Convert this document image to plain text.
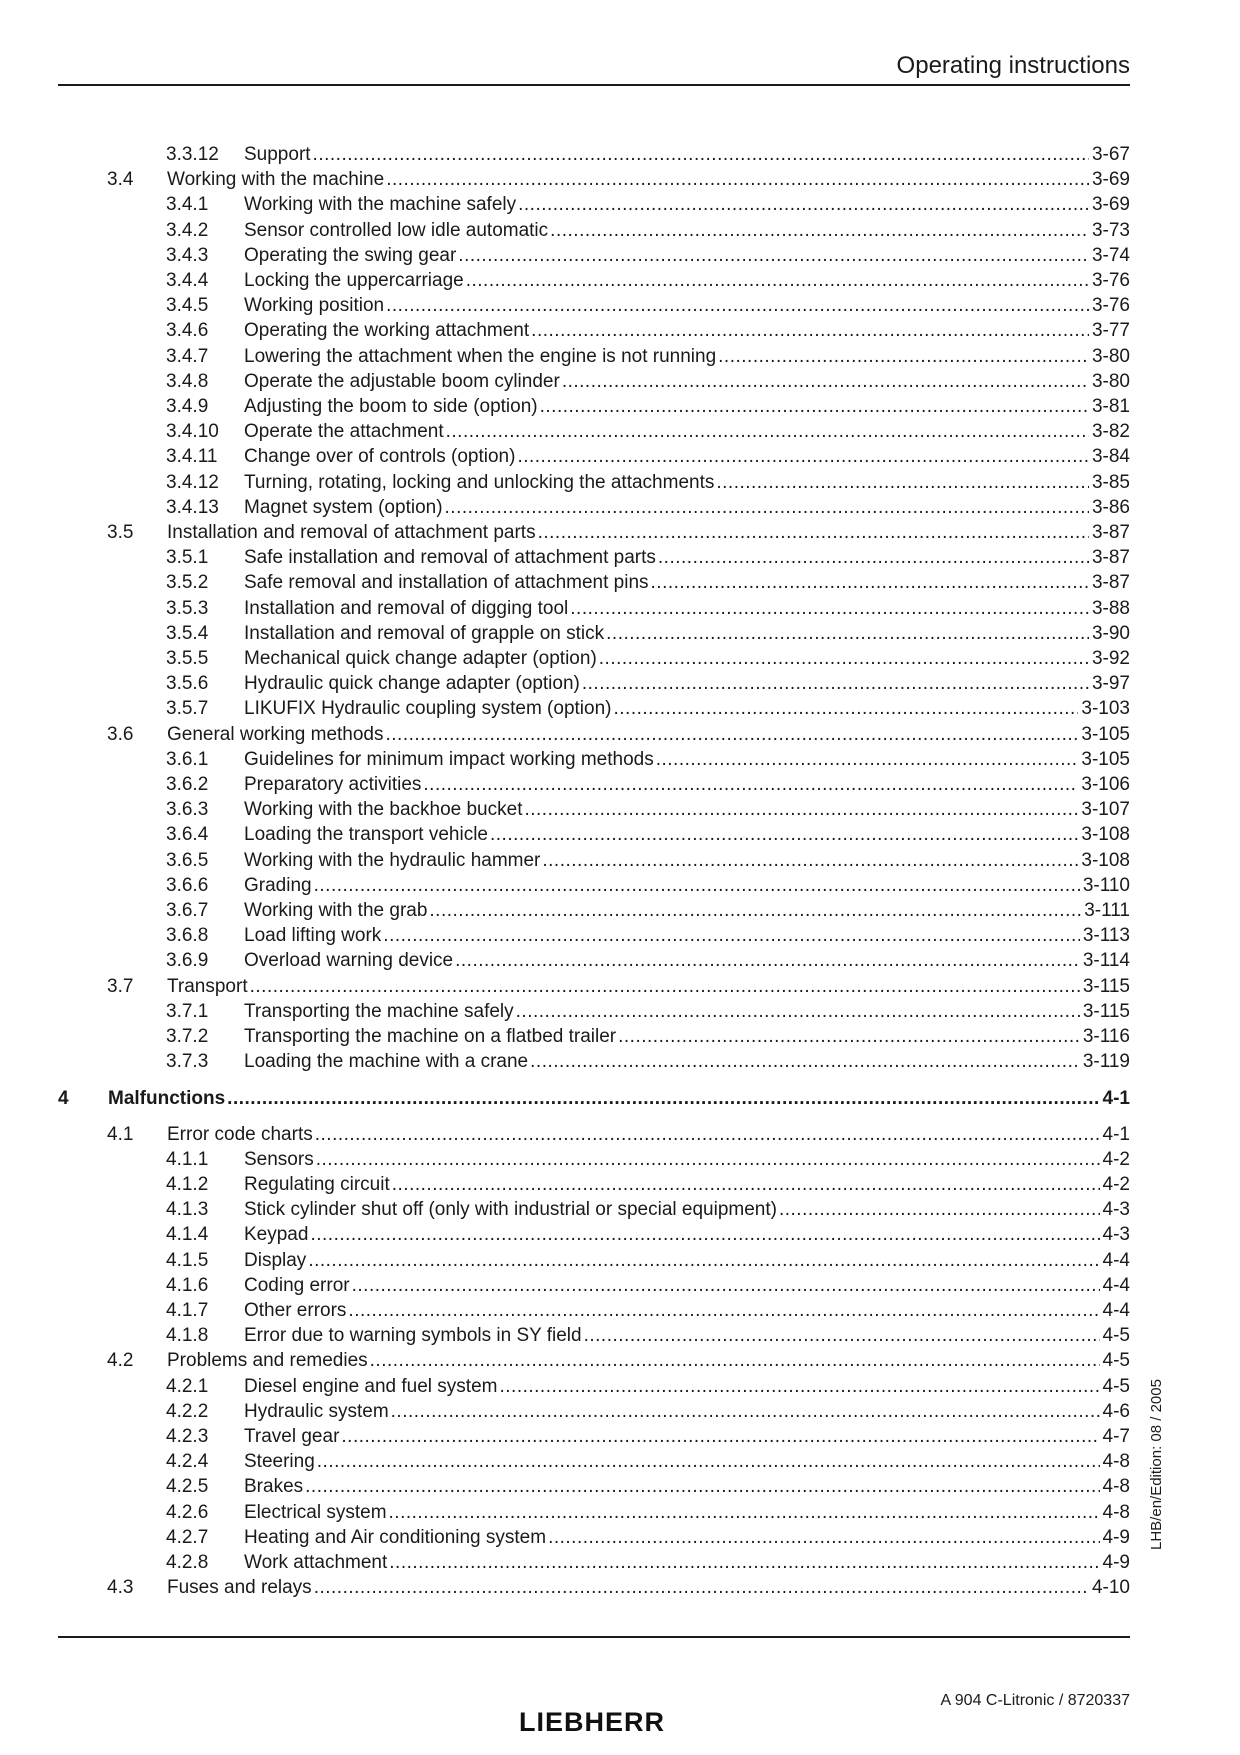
Operating instructions
3.3.12	Support .....	3-67
3.4	Working with the machine .....	3-69
3.4.1	Working with the machine safely .....	3-69
3.4.2	Sensor controlled low idle automatic .....	3-73
3.4.3	Operating the swing gear .....	3-74
3.4.4	Locking the uppercarriage .....	3-76
3.4.5	Working position .....	3-76
3.4.6	Operating the working attachment .....	3-77
3.4.7	Lowering the attachment when the engine is not running .....	3-80
3.4.8	Operate the adjustable boom cylinder .....	3-80
3.4.9	Adjusting the boom to side (option) .....	3-81
3.4.10	Operate the attachment .....	3-82
3.4.11	Change over of controls (option) .....	3-84
3.4.12	Turning, rotating, locking and unlocking the attachments .....	3-85
3.4.13	Magnet system (option) .....	3-86
3.5	Installation and removal of attachment parts .....	3-87
3.5.1	Safe installation and removal of attachment parts .....	3-87
3.5.2	Safe removal and installation of attachment pins .....	3-87
3.5.3	Installation and removal of digging tool .....	3-88
3.5.4	Installation and removal of grapple on stick .....	3-90
3.5.5	Mechanical quick change adapter (option) .....	3-92
3.5.6	Hydraulic quick change adapter (option) .....	3-97
3.5.7	LIKUFIX Hydraulic coupling system (option) .....	3-103
3.6	General working methods .....	3-105
3.6.1	Guidelines for minimum impact working methods .....	3-105
3.6.2	Preparatory activities .....	3-106
3.6.3	Working with the backhoe bucket .....	3-107
3.6.4	Loading the transport vehicle .....	3-108
3.6.5	Working with the hydraulic hammer .....	3-108
3.6.6	Grading .....	3-110
3.6.7	Working with the grab .....	3-111
3.6.8	Load lifting work .....	3-113
3.6.9	Overload warning device .....	3-114
3.7	Transport .....	3-115
3.7.1	Transporting the machine safely .....	3-115
3.7.2	Transporting the machine on a flatbed trailer .....	3-116
3.7.3	Loading the machine with a crane .....	3-119
4	Malfunctions .....	4-1
4.1	Error code charts .....	4-1
4.1.1	Sensors .....	4-2
4.1.2	Regulating circuit .....	4-2
4.1.3	Stick cylinder shut off (only with industrial or special equipment) .....	4-3
4.1.4	Keypad .....	4-3
4.1.5	Display .....	4-4
4.1.6	Coding error .....	4-4
4.1.7	Other errors .....	4-4
4.1.8	Error due to warning symbols in SY field .....	4-5
4.2	Problems and remedies .....	4-5
4.2.1	Diesel engine and fuel system .....	4-5
4.2.2	Hydraulic system .....	4-6
4.2.3	Travel gear .....	4-7
4.2.4	Steering .....	4-8
4.2.5	Brakes .....	4-8
4.2.6	Electrical system .....	4-8
4.2.7	Heating and Air conditioning system .....	4-9
4.2.8	Work attachment .....	4-9
4.3	Fuses and relays .....	4-10
LHB/en/Edition: 08 / 2005
A 904 C-Litronic / 8720337
LIEBHERR
